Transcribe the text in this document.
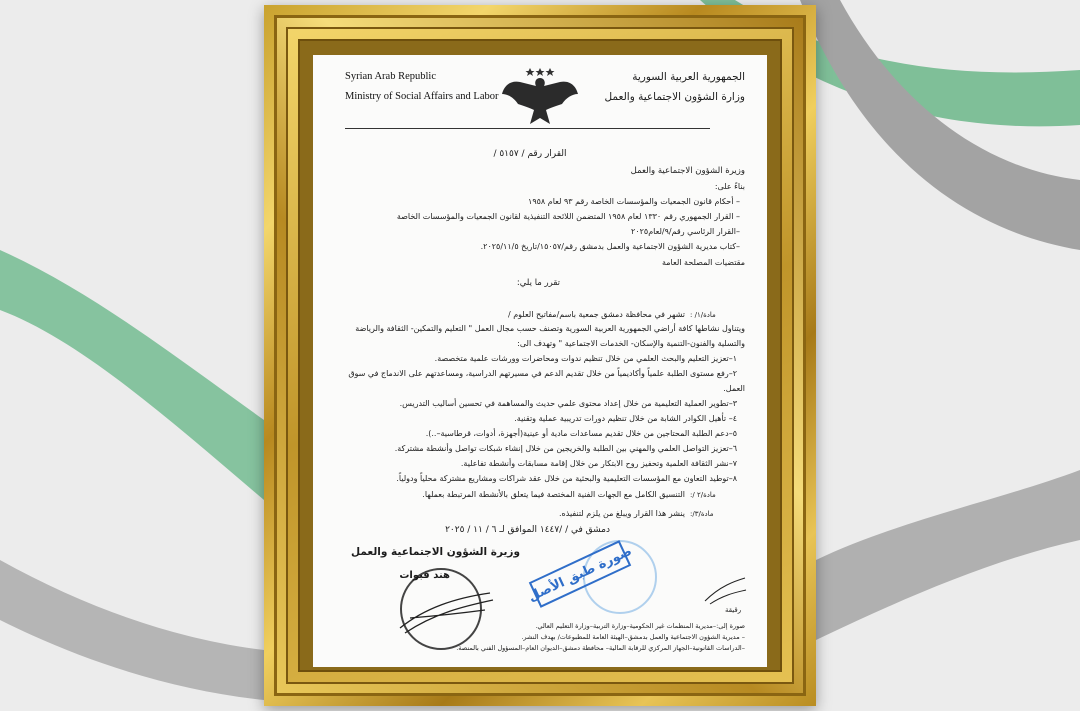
Syrian Arab Republic
Ministry of Social Affairs and Labor
الجمهورية العربية السورية
وزارة الشؤون الاجتماعية والعمل
القرار رقم / ٥١٥٧ /
وزيرة الشؤون الاجتماعية والعمل
بناءً على:
– أحكام قانون الجمعيات والمؤسسات الخاصة رقم ٩٣ لعام ١٩٥٨
– القرار الجمهوري رقم ١٣٣٠ لعام ١٩٥٨ المتضمن اللائحة التنفيذية لقانون الجمعيات والمؤسسات الخاصة
–القرار الرئاسي رقم/٩/لعام٢٠٢٥
–كتاب مديرية الشؤون الاجتماعية والعمل بدمشق رقم/١٥٠٥٧/تاريخ ٢٠٢٥/١١/٥.
مقتضيات المصلحة العامة
تقرر ما يلي:
مادة/١/ :
تشهر في محافظة دمشق جمعية باسم/مفاتيح العلوم /
ويتناول نشاطها كافة أراضي الجمهورية العربية السورية وتصنف حسب مجال العمل " التعليم والتمكين- الثقافة والرياضة
والتسلية والفنون-التنمية والإسكان- الخدمات الاجتماعية " وتهدف الى:
١–تعزيز التعليم والبحث العلمي من خلال تنظيم ندوات ومحاضرات وورشات علمية متخصصة.
٢–رفع مستوى الطلبة علمياً وأكاديمياً من خلال تقديم الدعم في مسيرتهم الدراسية، ومساعدتهم على الاندماج في سوق
العمل.
٣–تطوير العملية التعليمية من خلال إعداد محتوى علمي حديث والمساهمة في تحسين أساليب التدريس.
٤– تأهيل الكوادر الشابة من خلال تنظيم دورات تدريبية عملية وتقنية.
٥–دعم الطلبة المحتاجين من خلال تقديم مساعدات مادية أو عينية(أجهزة، أدوات، قرطاسية–..).
٦–تعزيز التواصل العلمي والمهني بين الطلبة والخريجين من خلال إنشاء شبكات تواصل وأنشطة مشتركة.
٧–نشر الثقافة العلمية وتحفيز روح الابتكار من خلال إقامة مسابقات وأنشطة تفاعلية.
٨–توطيد التعاون مع المؤسسات التعليمية والبحثية من خلال عقد شراكات ومشاريع مشتركة محلياً ودولياً.
مادة/٢ /:
التنسيق الكامل مع الجهات الفنية المختصة فيما يتعلق بالأنشطة المرتبطة بعملها.
مادة/٣/:
ينشر هذا القرار ويبلغ من يلزم لتنفيذه.
دمشق في / /١٤٤٧ الموافق لـ ٦ / ١١ / ٢٠٢٥
وزيرة الشؤون الاجتماعية والعمل
هند قبوات	صورة طبق الأصل
رقيقة
صورة إلى:–مديرية المنظمات غير الحكومية–وزارة التربية–وزارة التعليم العالي.
– مديرية الشؤون الاجتماعية والعمل بدمشق–الهيئة العامة للمطبوعات/ بهدف النشر.
–الدراسات القانونية–الجهاز المركزي للرقابة المالية– محافظة دمشق–الديوان العام–المسؤول الفني بالمنصة.
